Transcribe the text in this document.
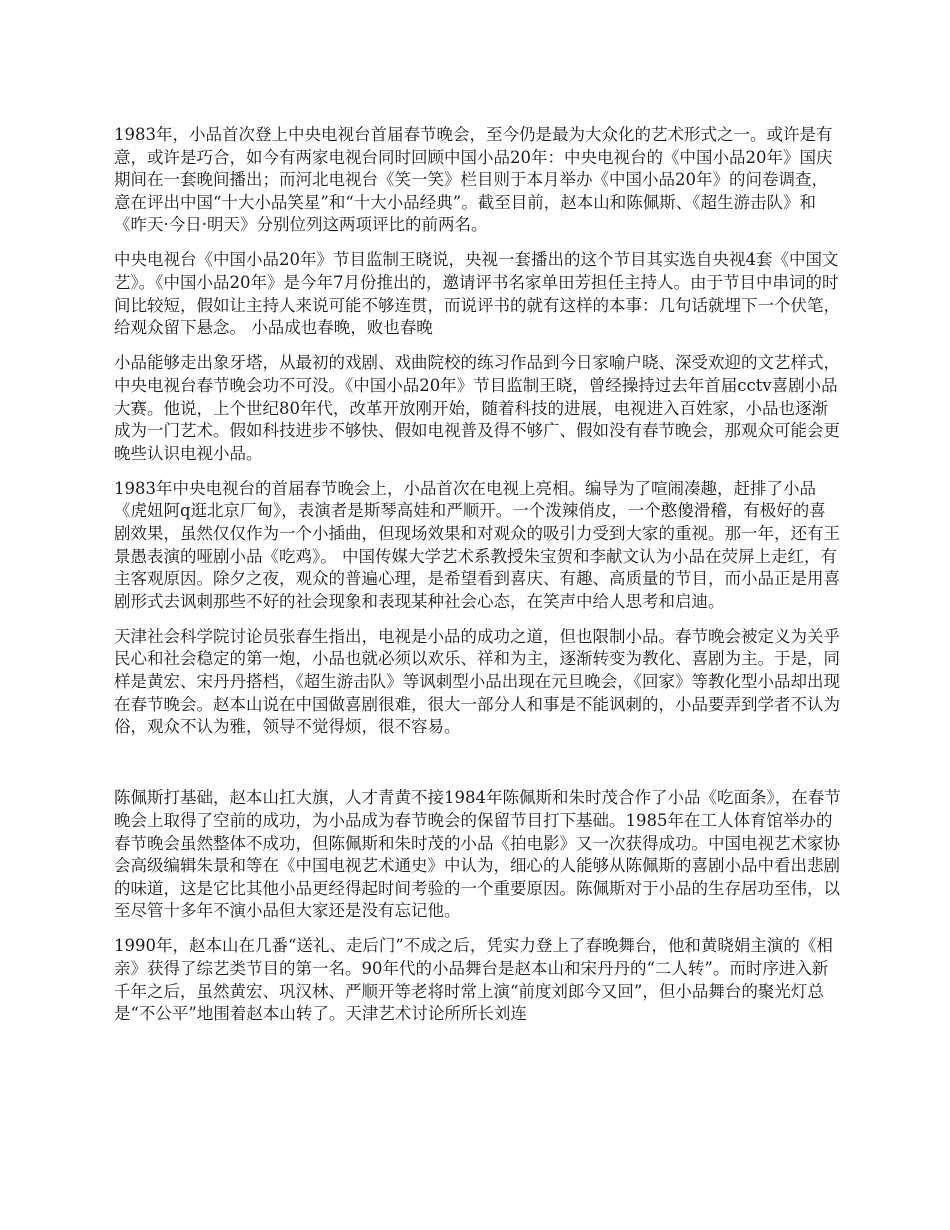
1983年，小品首次登上中央电视台首届春节晚会，至今仍是最为大众化的艺术形式之一。或许是有意，或许是巧合，如今有两家电视台同时回顾中国小品20年：中央电视台的《中国小品20年》国庆期间在一套晚间播出；而河北电视台《笑一笑》栏目则于本月举办《中国小品20年》的问卷调查，意在评出中国“十大小品笑星”和“十大小品经典”。截至目前，赵本山和陈佩斯、《超生游击队》和《昨天·今日·明天》分别位列这两项评比的前两名。

中央电视台《中国小品20年》节目监制王晓说，央视一套播出的这个节目其实选自央视4套《中国文艺》。《中国小品20年》是今年7月份推出的，邀请评书名家单田芳担任主持人。由于节目中串词的时间比较短，假如让主持人来说可能不够连贯，而说评书的就有这样的本事：几句话就埋下一个伏笔，给观众留下悬念。 小品成也春晚，败也春晚

小品能够走出象牙塔，从最初的戏剧、戏曲院校的练习作品到今日家喻户晓、深受欢迎的文艺样式，中央电视台春节晚会功不可没。《中国小品20年》节目监制王晓，曾经操持过去年首届cctv喜剧小品大赛。他说，上个世纪80年代，改革开放刚开始，随着科技的进展，电视进入百姓家，小品也逐渐成为一门艺术。假如科技进步不够快、假如电视普及得不够广、假如没有春节晚会，那观众可能会更晚些认识电视小品。

1983年中央电视台的首届春节晚会上，小品首次在电视上亮相。编导为了喧闹凑趣，赶排了小品《虎妞阿q逛北京厂甸》，表演者是斯琴高娃和严顺开。一个泼辣俏皮，一个憨傻滑稽，有极好的喜剧效果，虽然仅仅作为一个小插曲，但现场效果和对观众的吸引力受到大家的重视。那一年，还有王景愚表演的哑剧小品《吃鸡》。 中国传媒大学艺术系教授朱宝贺和李献文认为小品在荧屏上走红，有主客观原因。除夕之夜，观众的普遍心理，是希望看到喜庆、有趣、高质量的节目，而小品正是用喜剧形式去讽刺那些不好的社会现象和表现某种社会心态，在笑声中给人思考和启迪。

天津社会科学院讨论员张春生指出，电视是小品的成功之道，但也限制小品。春节晚会被定义为关乎民心和社会稳定的第一炮，小品也就必须以欢乐、祥和为主，逐渐转变为教化、喜剧为主。于是，同样是黄宏、宋丹丹搭档，《超生游击队》等讽刺型小品出现在元旦晚会，《回家》等教化型小品却出现在春节晚会。赵本山说在中国做喜剧很难，很大一部分人和事是不能讽刺的，小品要弄到学者不认为俗，观众不认为雅，领导不觉得烦，很不容易。

陈佩斯打基础，赵本山扛大旗，人才青黄不接1984年陈佩斯和朱时茂合作了小品《吃面条》，在春节晚会上取得了空前的成功，为小品成为春节晚会的保留节目打下基础。1985年在工人体育馆举办的春节晚会虽然整体不成功，但陈佩斯和朱时茂的小品《拍电影》又一次获得成功。中国电视艺术家协会高级编辑朱景和等在《中国电视艺术通史》中认为，细心的人能够从陈佩斯的喜剧小品中看出悲剧的味道，这是它比其他小品更经得起时间考验的一个重要原因。陈佩斯对于小品的生存居功至伟，以至尽管十多年不演小品但大家还是没有忘记他。

1990年，赵本山在几番“送礼、走后门”不成之后，凭实力登上了春晚舞台，他和黄晓娟主演的《相亲》获得了综艺类节目的第一名。90年代的小品舞台是赵本山和宋丹丹的“二人转”。而时序进入新千年之后，虽然黄宏、巩汉林、严顺开等老将时常上演“前度刘郎今又回”，但小品舞台的聚光灯总是“不公平”地围着赵本山转了。天津艺术讨论所所长刘连
